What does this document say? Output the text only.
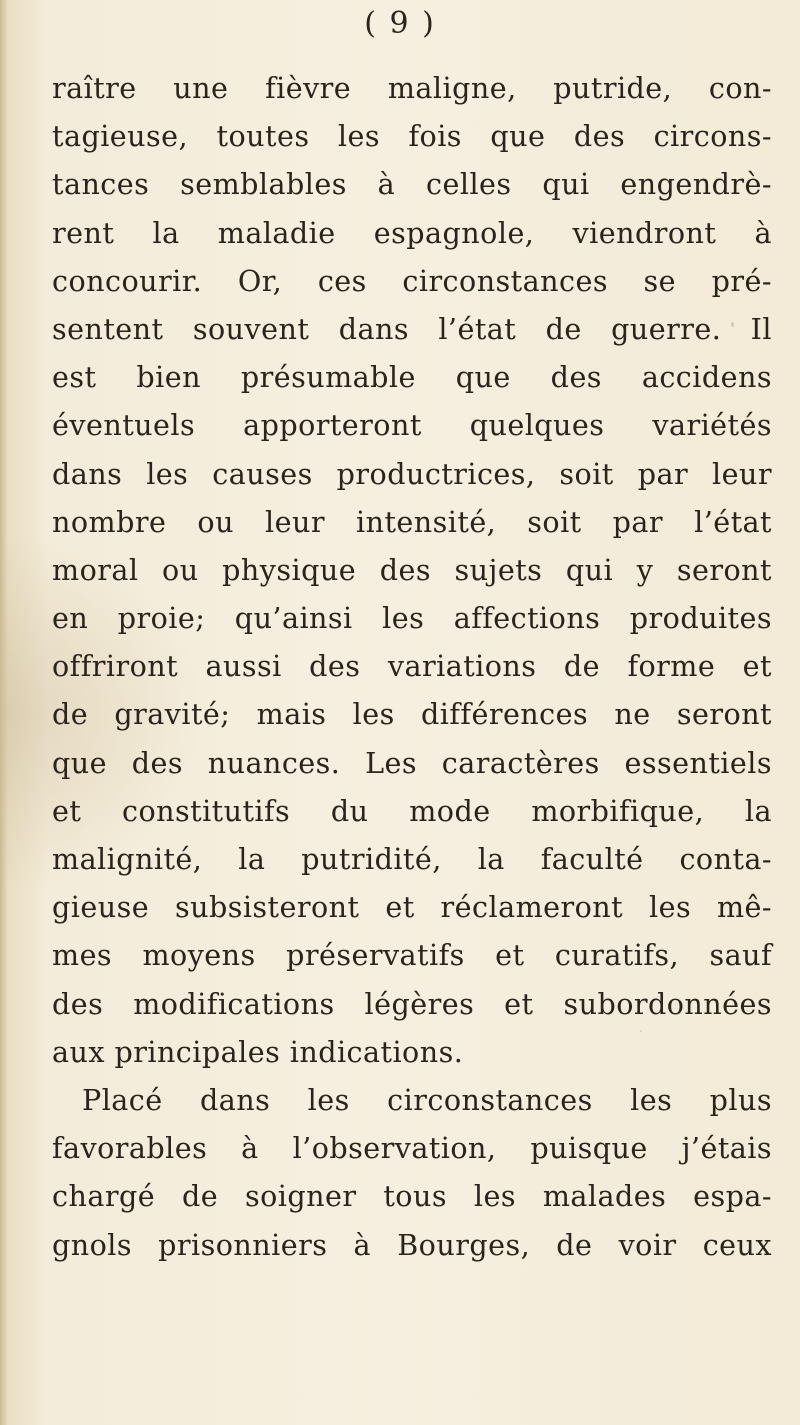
( 9 )
raître une fièvre maligne, putride, con-
tagieuse, toutes les fois que des circons-
tances semblables à celles qui engendrè-
rent la maladie espagnole, viendront à
concourir. Or, ces circonstances se pré-
sentent souvent dans l’état de guerre. Il
est bien présumable que des accidens
éventuels apporteront quelques variétés
dans les causes productrices, soit par leur
nombre ou leur intensité, soit par l’état
moral ou physique des sujets qui y seront
en proie; qu’ainsi les affections produites
offriront aussi des variations de forme et
de gravité; mais les différences ne seront
que des nuances. Les caractères essentiels
et constitutifs du mode morbifique, la
malignité, la putridité, la faculté conta-
gieuse subsisteront et réclameront les mê-
mes moyens préservatifs et curatifs, sauf
des modifications légères et subordonnées
aux principales indications.
Placé dans les circonstances les plus
favorables à l’observation, puisque j’étais
chargé de soigner tous les malades espa-
gnols prisonniers à Bourges, de voir ceux
